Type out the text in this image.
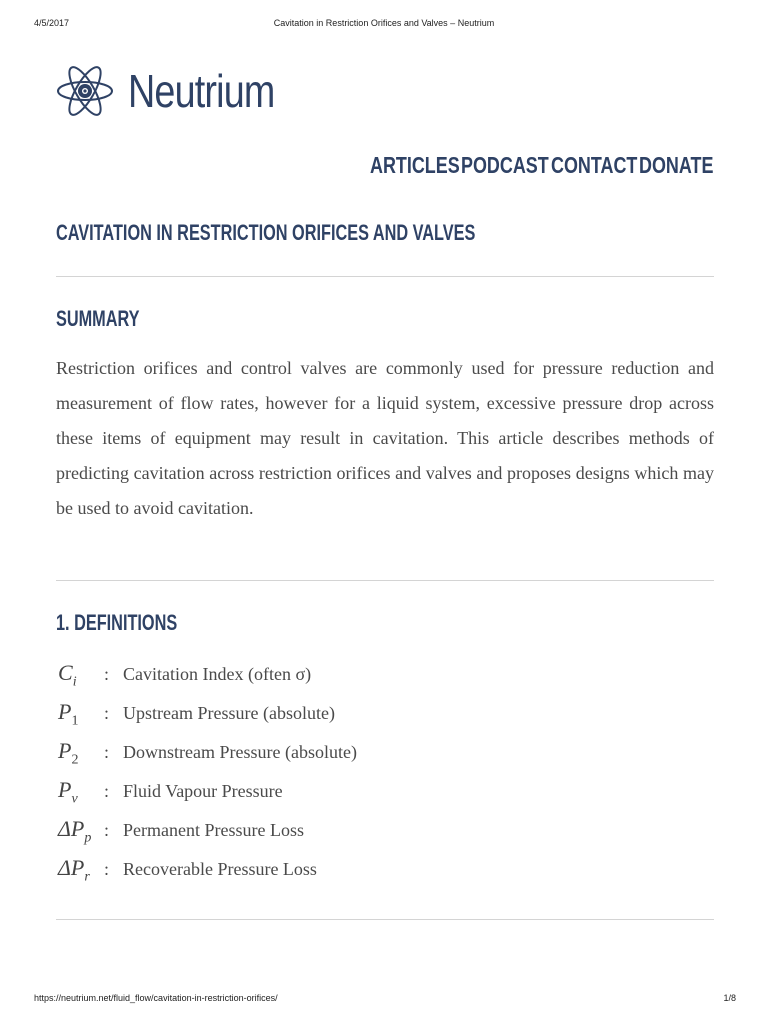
4/5/2017	Cavitation in Restriction Orifices and Valves – Neutrium
Neutrium
ARTICLES PODCAST CONTACT DONATE
CAVITATION IN RESTRICTION ORIFICES AND VALVES
SUMMARY

Restriction orifices and control valves are commonly used for pressure reduction and measurement of flow rates, however for a liquid system, excessive pressure drop across these items of equipment may result in cavitation. This article describes methods of predicting cavitation across restriction orifices and valves and proposes designs which may be used to avoid cavitation.

1. DEFINITIONS
$C_i$ : Cavitation Index (often σ)
$P_1$ : Upstream Pressure (absolute)
$P_2$ : Downstream Pressure (absolute)
$P_v$ : Fluid Vapour Pressure
$\Delta P_p$ : Permanent Pressure Loss
$\Delta P_r$ : Recoverable Pressure Loss
https://neutrium.net/fluid_flow/cavitation-in-restriction-orifices/	1/8
